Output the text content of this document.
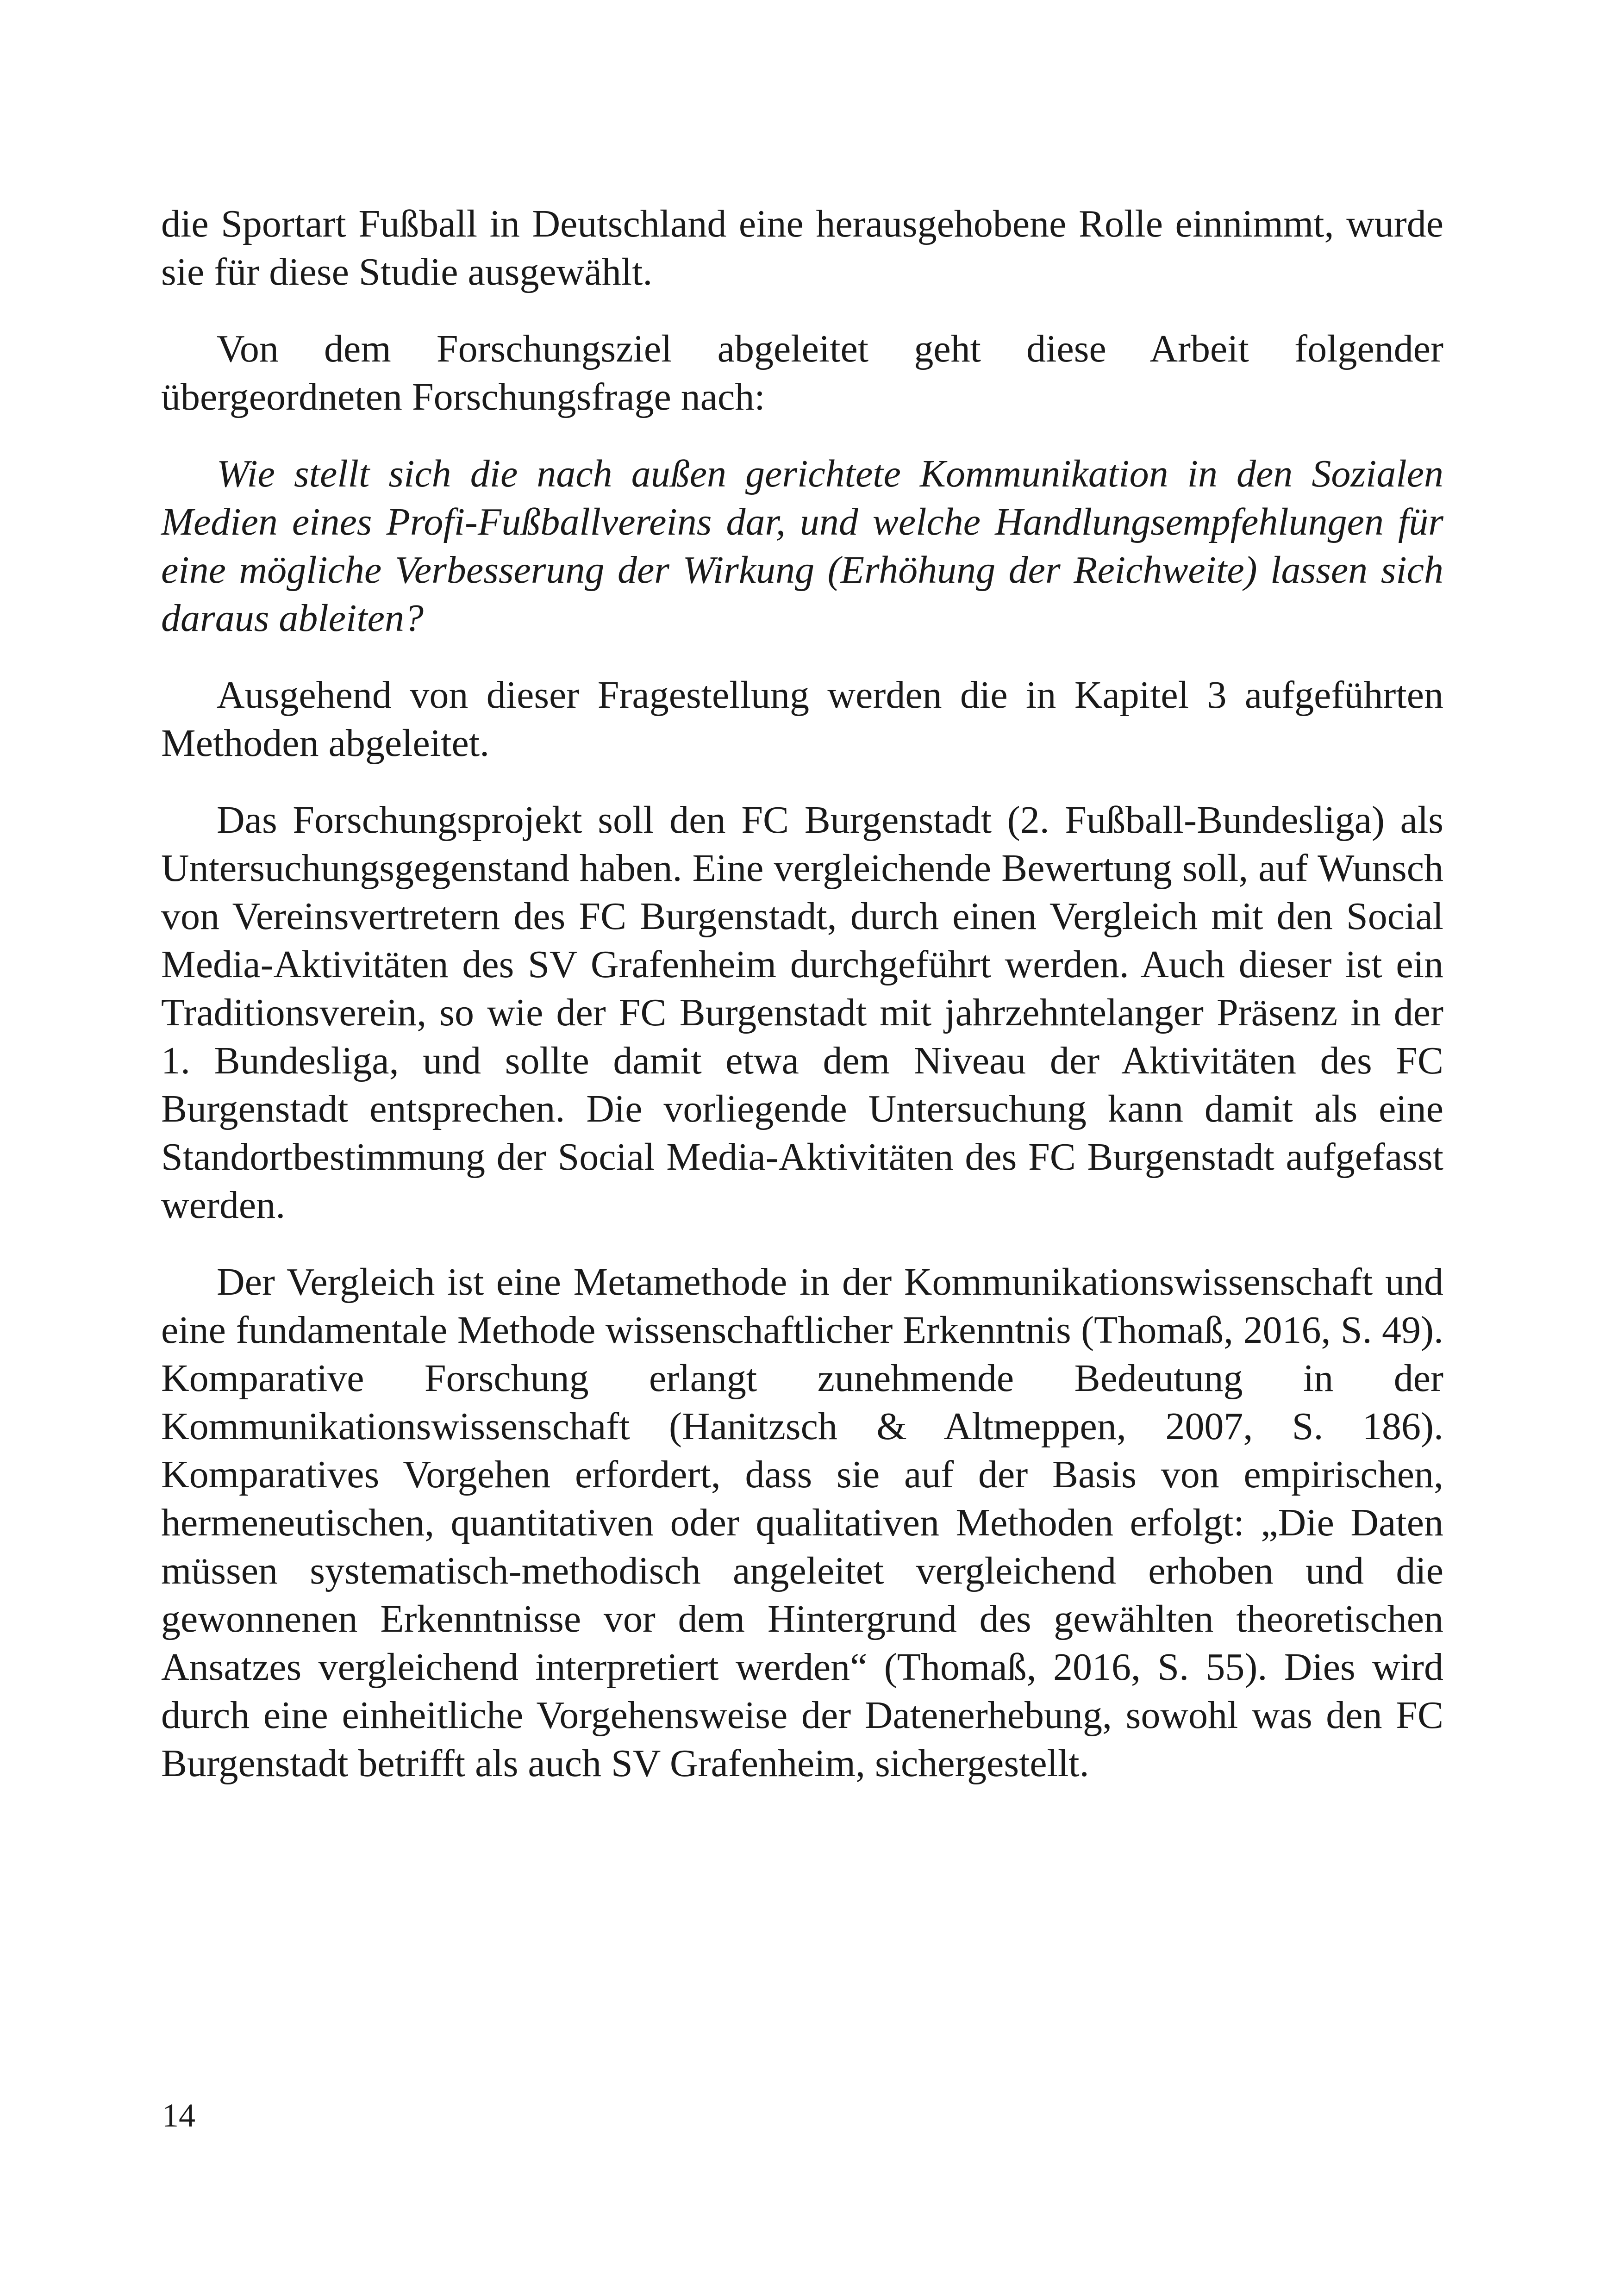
die Sportart Fußball in Deutschland eine herausgehobene Rolle einnimmt, wurde sie für diese Studie ausgewählt.

Von dem Forschungsziel abgeleitet geht diese Arbeit folgender übergeordneten Forschungsfrage nach:

Wie stellt sich die nach außen gerichtete Kommunikation in den Sozialen Medien eines Profi-Fußballvereins dar, und welche Handlungsempfehlungen für eine mögliche Verbesserung der Wirkung (Erhöhung der Reichweite) lassen sich daraus ableiten?

Ausgehend von dieser Fragestellung werden die in Kapitel 3 aufgeführten Methoden abgeleitet.

Das Forschungsprojekt soll den FC Burgenstadt (2. Fußball-Bundesliga) als Untersuchungsgegenstand haben. Eine vergleichende Bewertung soll, auf Wunsch von Vereinsvertretern des FC Burgenstadt, durch einen Vergleich mit den Social Media-Aktivitäten des SV Grafenheim durchgeführt werden. Auch dieser ist ein Traditionsverein, so wie der FC Burgenstadt mit jahrzehntelanger Präsenz in der 1. Bundesliga, und sollte damit etwa dem Niveau der Aktivitäten des FC Burgenstadt entsprechen. Die vorliegende Untersuchung kann damit als eine Standortbestimmung der Social Media-Aktivitäten des FC Burgenstadt aufgefasst werden.

Der Vergleich ist eine Metamethode in der Kommunikationswissenschaft und eine fundamentale Methode wissenschaftlicher Erkenntnis (Thomaß, 2016, S. 49). Komparative Forschung erlangt zunehmende Bedeutung in der Kommunikationswissenschaft (Hanitzsch & Altmeppen, 2007, S. 186). Komparatives Vorgehen erfordert, dass sie auf der Basis von empirischen, hermeneutischen, quantitativen oder qualitativen Methoden erfolgt: „Die Daten müssen systematisch-methodisch angeleitet vergleichend erhoben und die gewonnenen Erkenntnisse vor dem Hintergrund des gewählten theoretischen Ansatzes vergleichend interpretiert werden“ (Thomaß, 2016, S. 55). Dies wird durch eine einheitliche Vorgehensweise der Datenerhebung, sowohl was den FC Burgenstadt betrifft als auch SV Grafenheim, sichergestellt.

14
